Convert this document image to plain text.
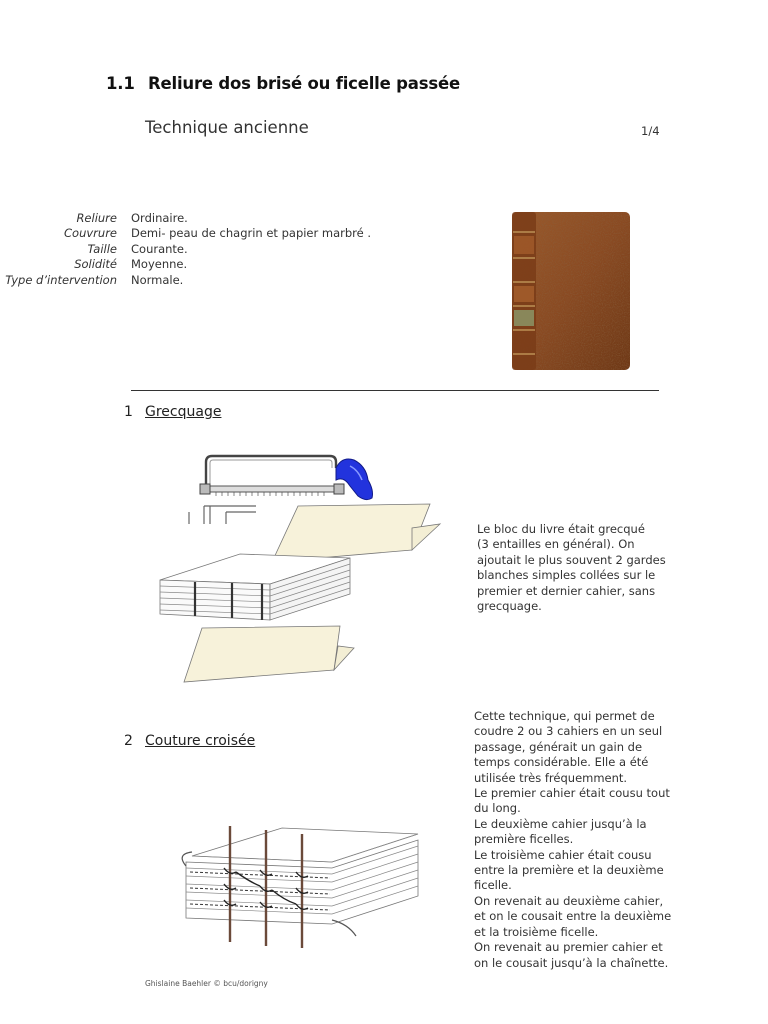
1.1 Reliure dos brisé ou ficelle passée
Technique ancienne	1/4
Reliure	Ordinaire.
Couvrure	Demi- peau de chagrin et papier marbré .
Taille	Courante.
Solidité	Moyenne.
Type d’intervention	Normale.
1 Grecquage
Le bloc du livre était grecqué
(3 entailles en général). On
ajoutait le plus souvent 2 gardes
blanches simples collées sur le
premier et dernier cahier, sans
grecquage.
2 Couture croisée
Cette technique, qui permet de
coudre 2 ou 3 cahiers en un seul
passage, générait un gain de
temps considérable. Elle a été
utilisée très fréquemment.
Le premier cahier était cousu tout
du long.
Le deuxième cahier jusqu’à la
première ficelles.
Le troisième cahier était cousu
entre la première et la deuxième
ficelle.
On revenait au deuxième cahier,
et on le cousait entre la deuxième
et la troisième ficelle.
On revenait au premier cahier et
on le cousait jusqu’à la chaînette.
Ghislaine Baehler © bcu/dorigny
